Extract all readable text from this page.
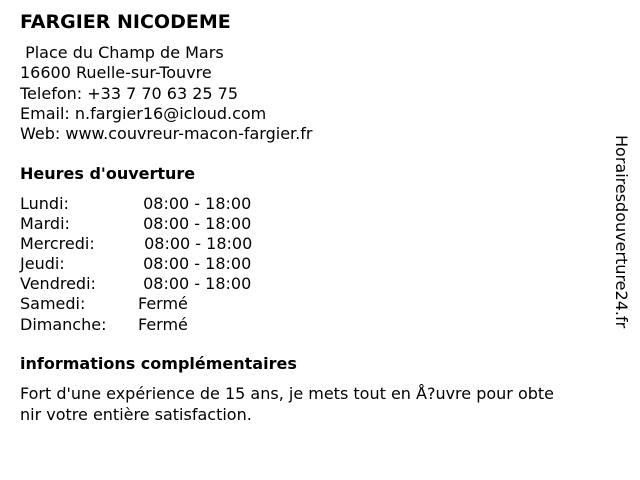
FARGIER NICODEME
Place du Champ de Mars
16600 Ruelle-sur-Touvre
Telefon: +33 7 70 63 25 75
Email: n.fargier16@icloud.com
Web: www.couvreur-macon-fargier.fr
Heures d'ouverture
Lundi:	08:00 - 18:00
Mardi:	08:00 - 18:00
Mercredi:	08:00 - 18:00
Jeudi:	08:00 - 18:00
Vendredi:	08:00 - 18:00
Samedi:	Fermé
Dimanche: Fermé
informations complémentaires
Fort d'une expérience de 15 ans, je mets tout en Å?uvre pour obte
nir votre entière satisfaction.
Horairesdouverture24.fr
